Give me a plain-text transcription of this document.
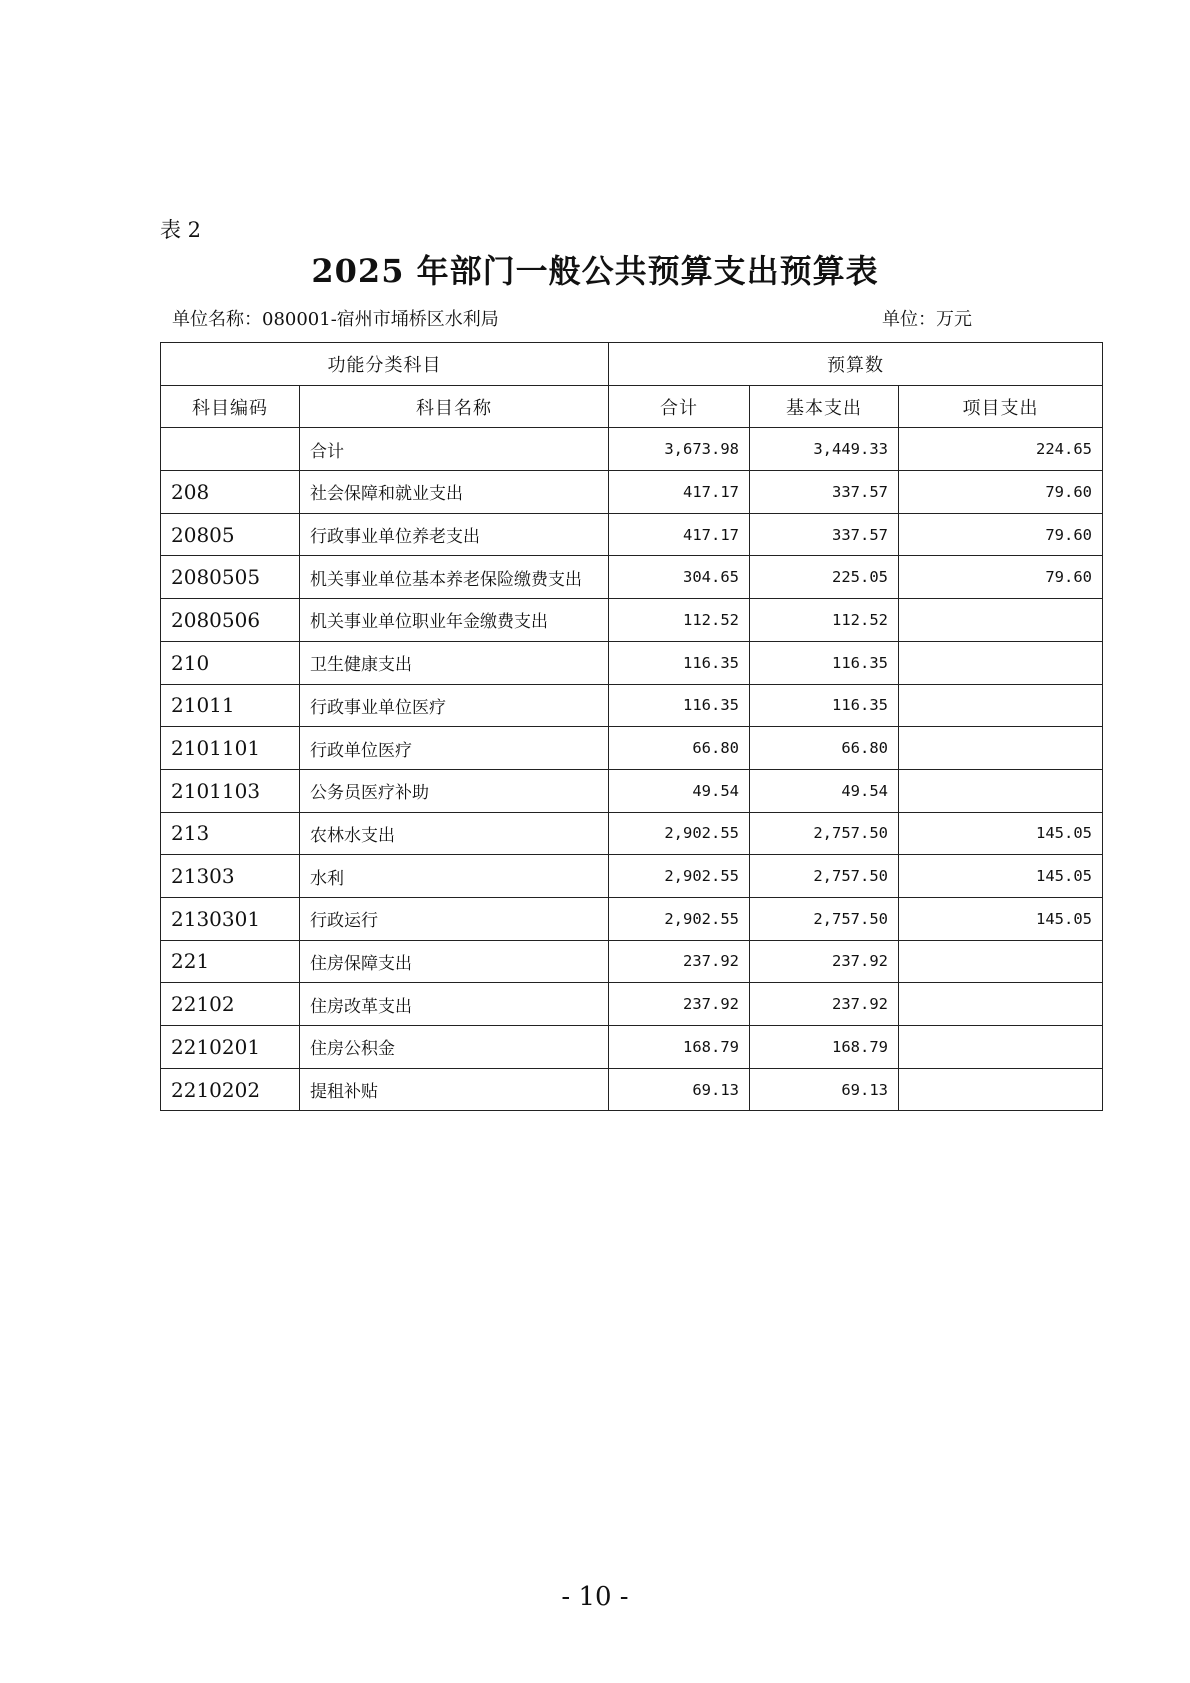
表 2
2025 年部门一般公共预算支出预算表
单位名称：080001-宿州市埇桥区水利局	单位：万元
功能分类科目		预算数		
科目编码	科目名称	合计	基本支出	项目支出
	合计	3,673.98	3,449.33	224.65
208	社会保障和就业支出	417.17	337.57	79.60
20805	行政事业单位养老支出	417.17	337.57	79.60
2080505	机关事业单位基本养老保险缴费支出	304.65	225.05	79.60
2080506	机关事业单位职业年金缴费支出	112.52	112.52	
210	卫生健康支出	116.35	116.35	
21011	行政事业单位医疗	116.35	116.35	
2101101	行政单位医疗	66.80	66.80	
2101103	公务员医疗补助	49.54	49.54	
213	农林水支出	2,902.55	2,757.50	145.05
21303	水利	2,902.55	2,757.50	145.05
2130301	行政运行	2,902.55	2,757.50	145.05
221	住房保障支出	237.92	237.92	
22102	住房改革支出	237.92	237.92	
2210201	住房公积金	168.79	168.79	
2210202	提租补贴	69.13	69.13	
- 10 -
